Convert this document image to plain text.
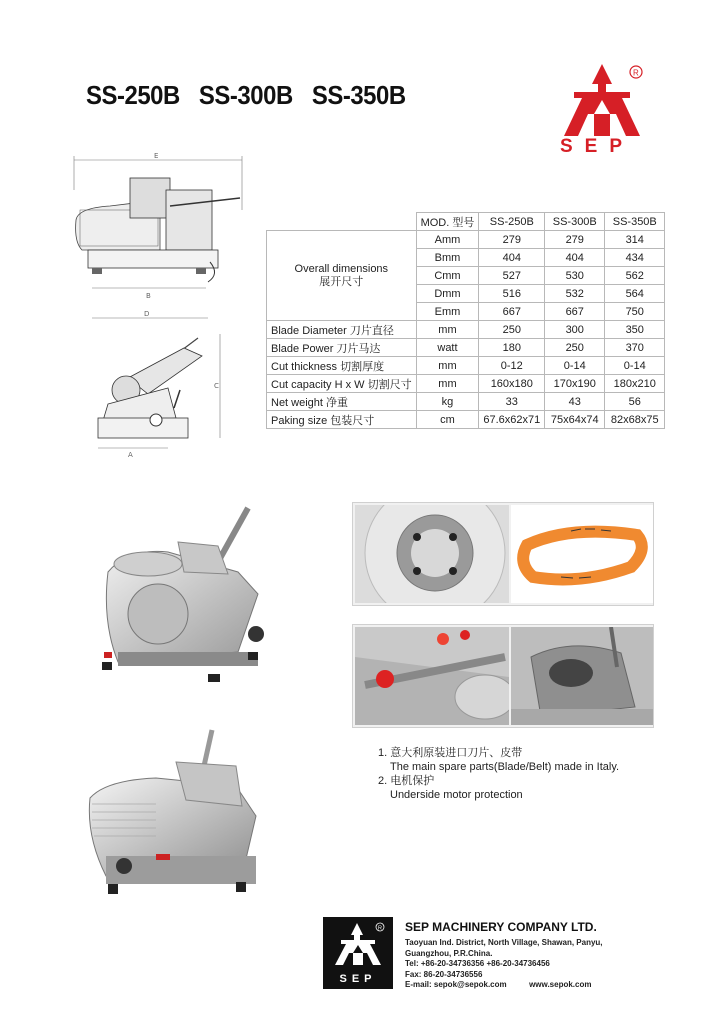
SS-250B SS-300B SS-350B
R
SEP
E
B
D
C
A
	MOD. 型号	SS-250B	SS-300B	SS-350B

Overall dimensions
展开尺寸	Amm	279	279	314
	Bmm	404	404	434
	Cmm	527	530	562
	Dmm	516	532	564
	Emm	667	667	750
Blade Diameter 刀片直径	mm	250	300	350
Blade Power 刀片马达	watt	180	250	370
Cut thickness 切割厚度	mm	0-12	0-14	0-14
Cut capacity H x W 切割尺寸	mm	160x180	170x190	180x210
Net weight 净重	kg	33	43	56
Paking size 包装尺寸	cm	67.6x62x71	75x64x74	82x68x75
1. 意大利原装进口刀片、皮带
The main spare parts(Blade/Belt) made in Italy.
2. 电机保护
Underside motor protection
R
SEP
SEP MACHINERY COMPANY LTD.
Taoyuan Ind. District, North Village, Shawan, Panyu,
Guangzhou, P.R.China.
Tel: +86-20-34736356 +86-20-34736456
Fax: 86-20-34736556
E-mail: sepok@sepok.com	www.sepok.com
